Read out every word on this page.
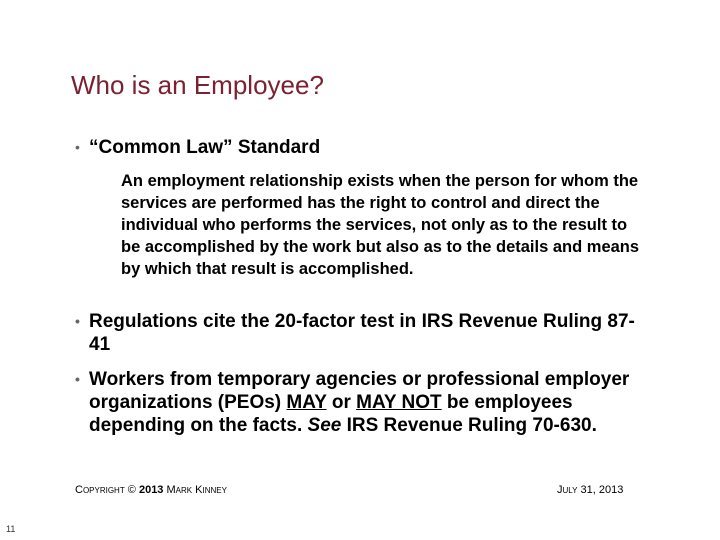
Who is an Employee?
• “Common Law” Standard

An employment relationship exists when the person for whom the services are performed has the right to control and direct the individual who performs the services, not only as to the result to be accomplished by the work but also as to the details and means by which that result is accomplished.

• Regulations cite the 20-factor test in IRS Revenue Ruling 87-41
• Workers from temporary agencies or professional employer organizations (PEOs) MAY or MAY NOT be employees depending on the facts. See IRS Revenue Ruling 70-630.
Copyright © 2013 Mark Kinney	July 31, 2013
11
